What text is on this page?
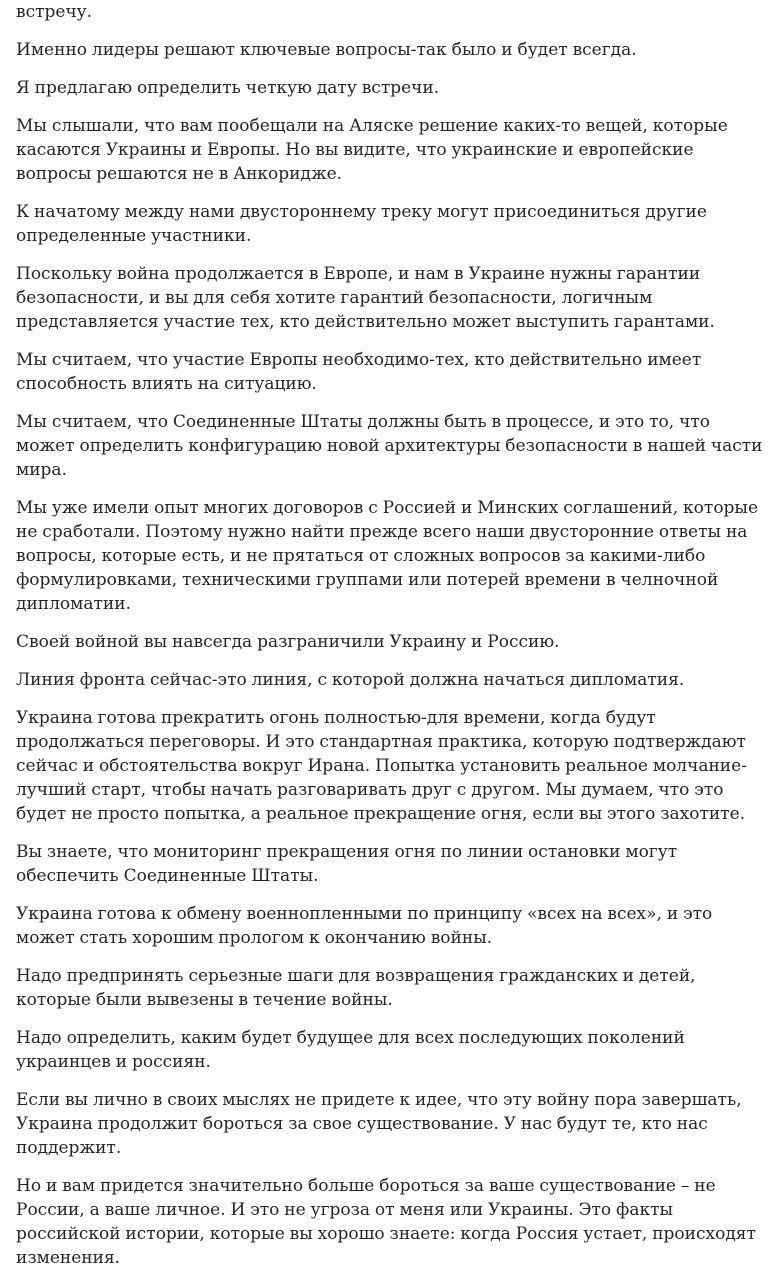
встречу.

Именно лидеры решают ключевые вопросы-так было и будет всегда.

Я предлагаю определить четкую дату встречи.

Мы слышали, что вам пообещали на Аляске решение каких-то вещей, которые касаются Украины и Европы. Но вы видите, что украинские и европейские вопросы решаются не в Анкоридже.

К начатому между нами двустороннему треку могут присоединиться другие определенные участники.

Поскольку война продолжается в Европе, и нам в Украине нужны гарантии безопасности, и вы для себя хотите гарантий безопасности, логичным представляется участие тех, кто действительно может выступить гарантами.

Мы считаем, что участие Европы необходимо-тех, кто действительно имеет способность влиять на ситуацию.

Мы считаем, что Соединенные Штаты должны быть в процессе, и это то, что может определить конфигурацию новой архитектуры безопасности в нашей части мира.

Мы уже имели опыт многих договоров с Россией и Минских соглашений, которые не сработали. Поэтому нужно найти прежде всего наши двусторонние ответы на вопросы, которые есть, и не прятаться от сложных вопросов за какими-либо формулировками, техническими группами или потерей времени в челночной дипломатии.

Своей войной вы навсегда разграничили Украину и Россию.

Линия фронта сейчас-это линия, с которой должна начаться дипломатия.

Украина готова прекратить огонь полностью-для времени, когда будут продолжаться переговоры. И это стандартная практика, которую подтверждают сейчас и обстоятельства вокруг Ирана. Попытка установить реальное молчание-лучший старт, чтобы начать разговаривать друг с другом. Мы думаем, что это будет не просто попытка, а реальное прекращение огня, если вы этого захотите.

Вы знаете, что мониторинг прекращения огня по линии остановки могут обеспечить Соединенные Штаты.

Украина готова к обмену военнопленными по принципу «всех на всех», и это может стать хорошим прологом к окончанию войны.

Надо предпринять серьезные шаги для возвращения гражданских и детей, которые были вывезены в течение войны.

Надо определить, каким будет будущее для всех последующих поколений украинцев и россиян.

Если вы лично в своих мыслях не придете к идее, что эту войну пора завершать, Украина продолжит бороться за свое существование. У нас будут те, кто нас поддержит.

Но и вам придется значительно больше бороться за ваше существование – не России, а ваше личное. И это не угроза от меня или Украины. Это факты российской истории, которые вы хорошо знаете: когда Россия устает, происходят изменения.
